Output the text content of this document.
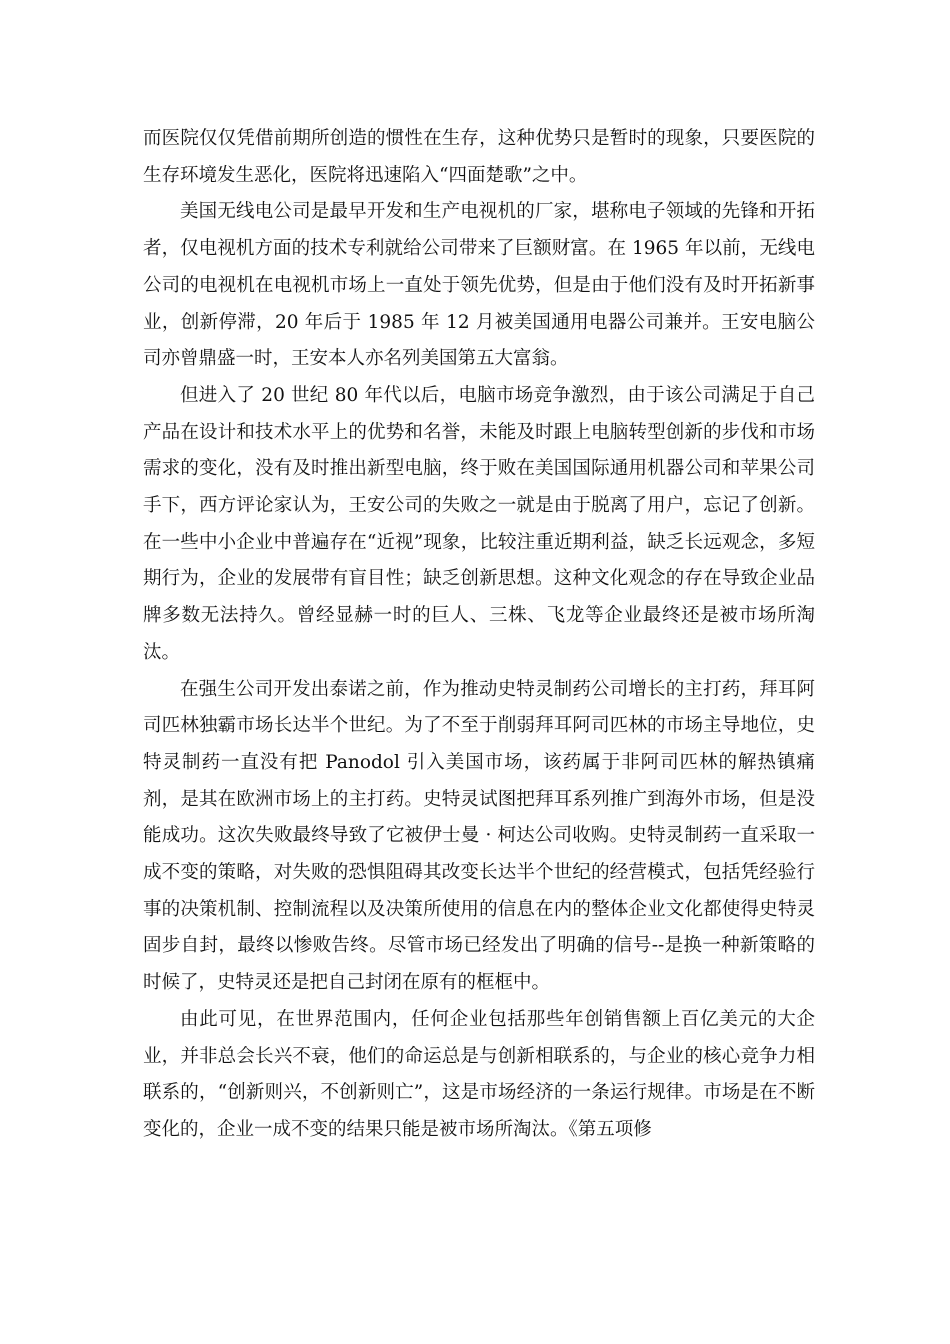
而医院仅仅凭借前期所创造的惯性在生存，这种优势只是暂时的现象，只要医院的生存环境发生恶化，医院将迅速陷入“四面楚歌”之中。

美国无线电公司是最早开发和生产电视机的厂家，堪称电子领域的先锋和开拓者，仅电视机方面的技术专利就给公司带来了巨额财富。在 1965 年以前，无线电公司的电视机在电视机市场上一直处于领先优势，但是由于他们没有及时开拓新事业，创新停滞，20 年后于 1985 年 12 月被美国通用电器公司兼并。王安电脑公司亦曾鼎盛一时，王安本人亦名列美国第五大富翁。

但进入了 20 世纪 80 年代以后，电脑市场竞争激烈，由于该公司满足于自己产品在设计和技术水平上的优势和名誉，未能及时跟上电脑转型创新的步伐和市场需求的变化，没有及时推出新型电脑，终于败在美国国际通用机器公司和苹果公司手下，西方评论家认为，王安公司的失败之一就是由于脱离了用户，忘记了创新。在一些中小企业中普遍存在“近视”现象，比较注重近期利益，缺乏长远观念，多短期行为，企业的发展带有盲目性；缺乏创新思想。这种文化观念的存在导致企业品牌多数无法持久。曾经显赫一时的巨人、三株、飞龙等企业最终还是被市场所淘汰。

在强生公司开发出泰诺之前，作为推动史特灵制药公司增长的主打药，拜耳阿司匹林独霸市场长达半个世纪。为了不至于削弱拜耳阿司匹林的市场主导地位，史特灵制药一直没有把 Panodol 引入美国市场，该药属于非阿司匹林的解热镇痛剂，是其在欧洲市场上的主打药。史特灵试图把拜耳系列推广到海外市场，但是没能成功。这次失败最终导致了它被伊士曼 · 柯达公司收购。史特灵制药一直采取一成不变的策略，对失败的恐惧阻碍其改变长达半个世纪的经营模式，包括凭经验行事的决策机制、控制流程以及决策所使用的信息在内的整体企业文化都使得史特灵固步自封，最终以惨败告终。尽管市场已经发出了明确的信号--是换一种新策略的时候了，史特灵还是把自己封闭在原有的框框中。

由此可见，在世界范围内，任何企业包括那些年创销售额上百亿美元的大企业，并非总会长兴不衰，他们的命运总是与创新相联系的，与企业的核心竞争力相联系的，“创新则兴，不创新则亡”，这是市场经济的一条运行规律。市场是在不断变化的，企业一成不变的结果只能是被市场所淘汰。《第五项修
